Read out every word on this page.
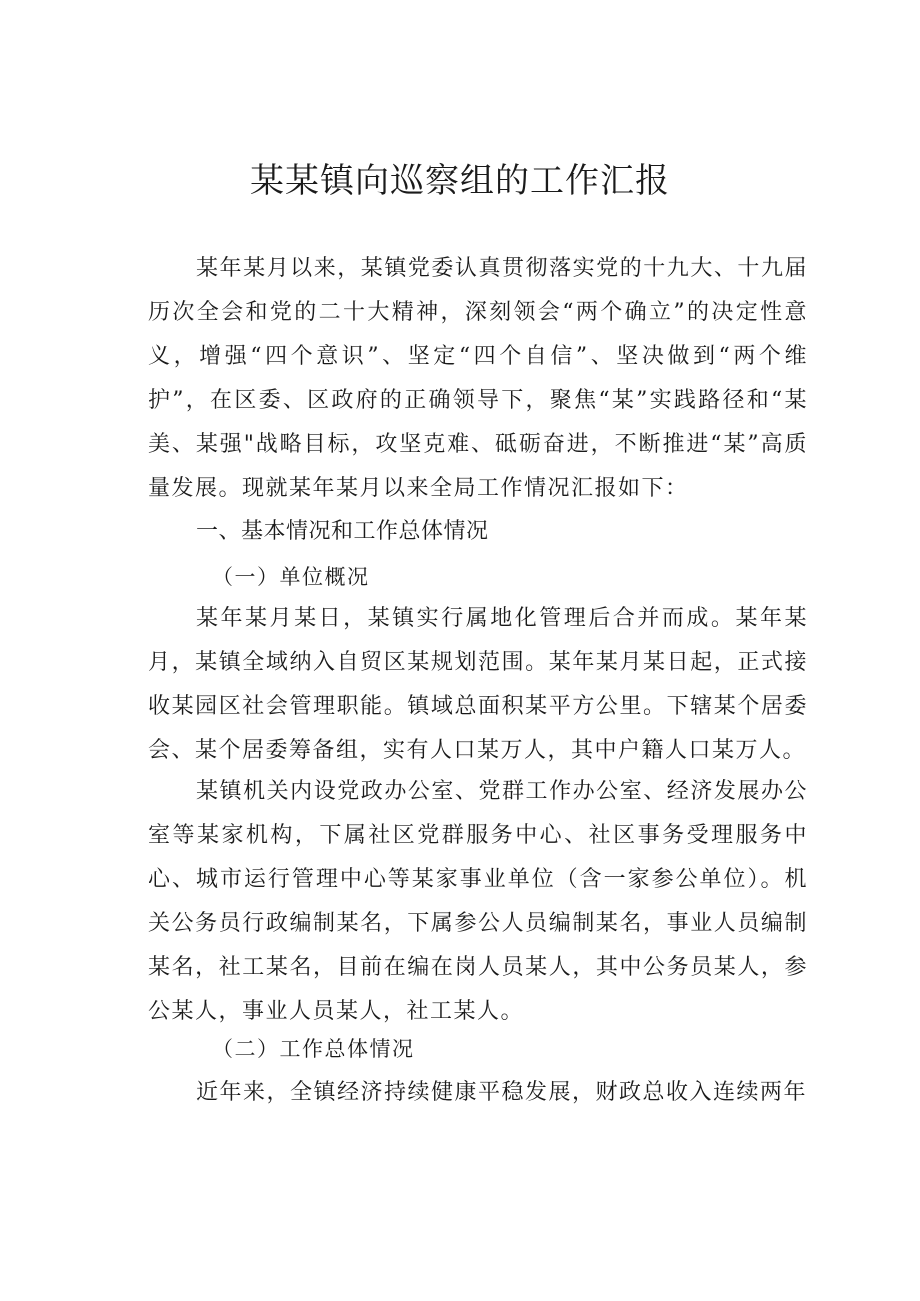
某某镇向巡察组的工作汇报

某年某月以来，某镇党委认真贯彻落实党的十九大、十九届历次全会和党的二十大精神，深刻领会“两个确立”的决定性意义，增强“四个意识”、坚定“四个自信”、坚决做到“两个维护”，在区委、区政府的正确领导下，聚焦“某”实践路径和“某美、某强"战略目标，攻坚克难、砥砺奋进，不断推进“某”高质量发展。现就某年某月以来全局工作情况汇报如下：

一、基本情况和工作总体情况
（一）单位概况

某年某月某日，某镇实行属地化管理后合并而成。某年某月，某镇全域纳入自贸区某规划范围。某年某月某日起，正式接收某园区社会管理职能。镇域总面积某平方公里。下辖某个居委会、某个居委筹备组，实有人口某万人，其中户籍人口某万人。

某镇机关内设党政办公室、党群工作办公室、经济发展办公室等某家机构，下属社区党群服务中心、社区事务受理服务中心、城市运行管理中心等某家事业单位（含一家参公单位）。机关公务员行政编制某名，下属参公人员编制某名，事业人员编制某名，社工某名，目前在编在岗人员某人，其中公务员某人，参公某人，事业人员某人，社工某人。

（二）工作总体情况

近年来，全镇经济持续健康平稳发展，财政总收入连续两年
